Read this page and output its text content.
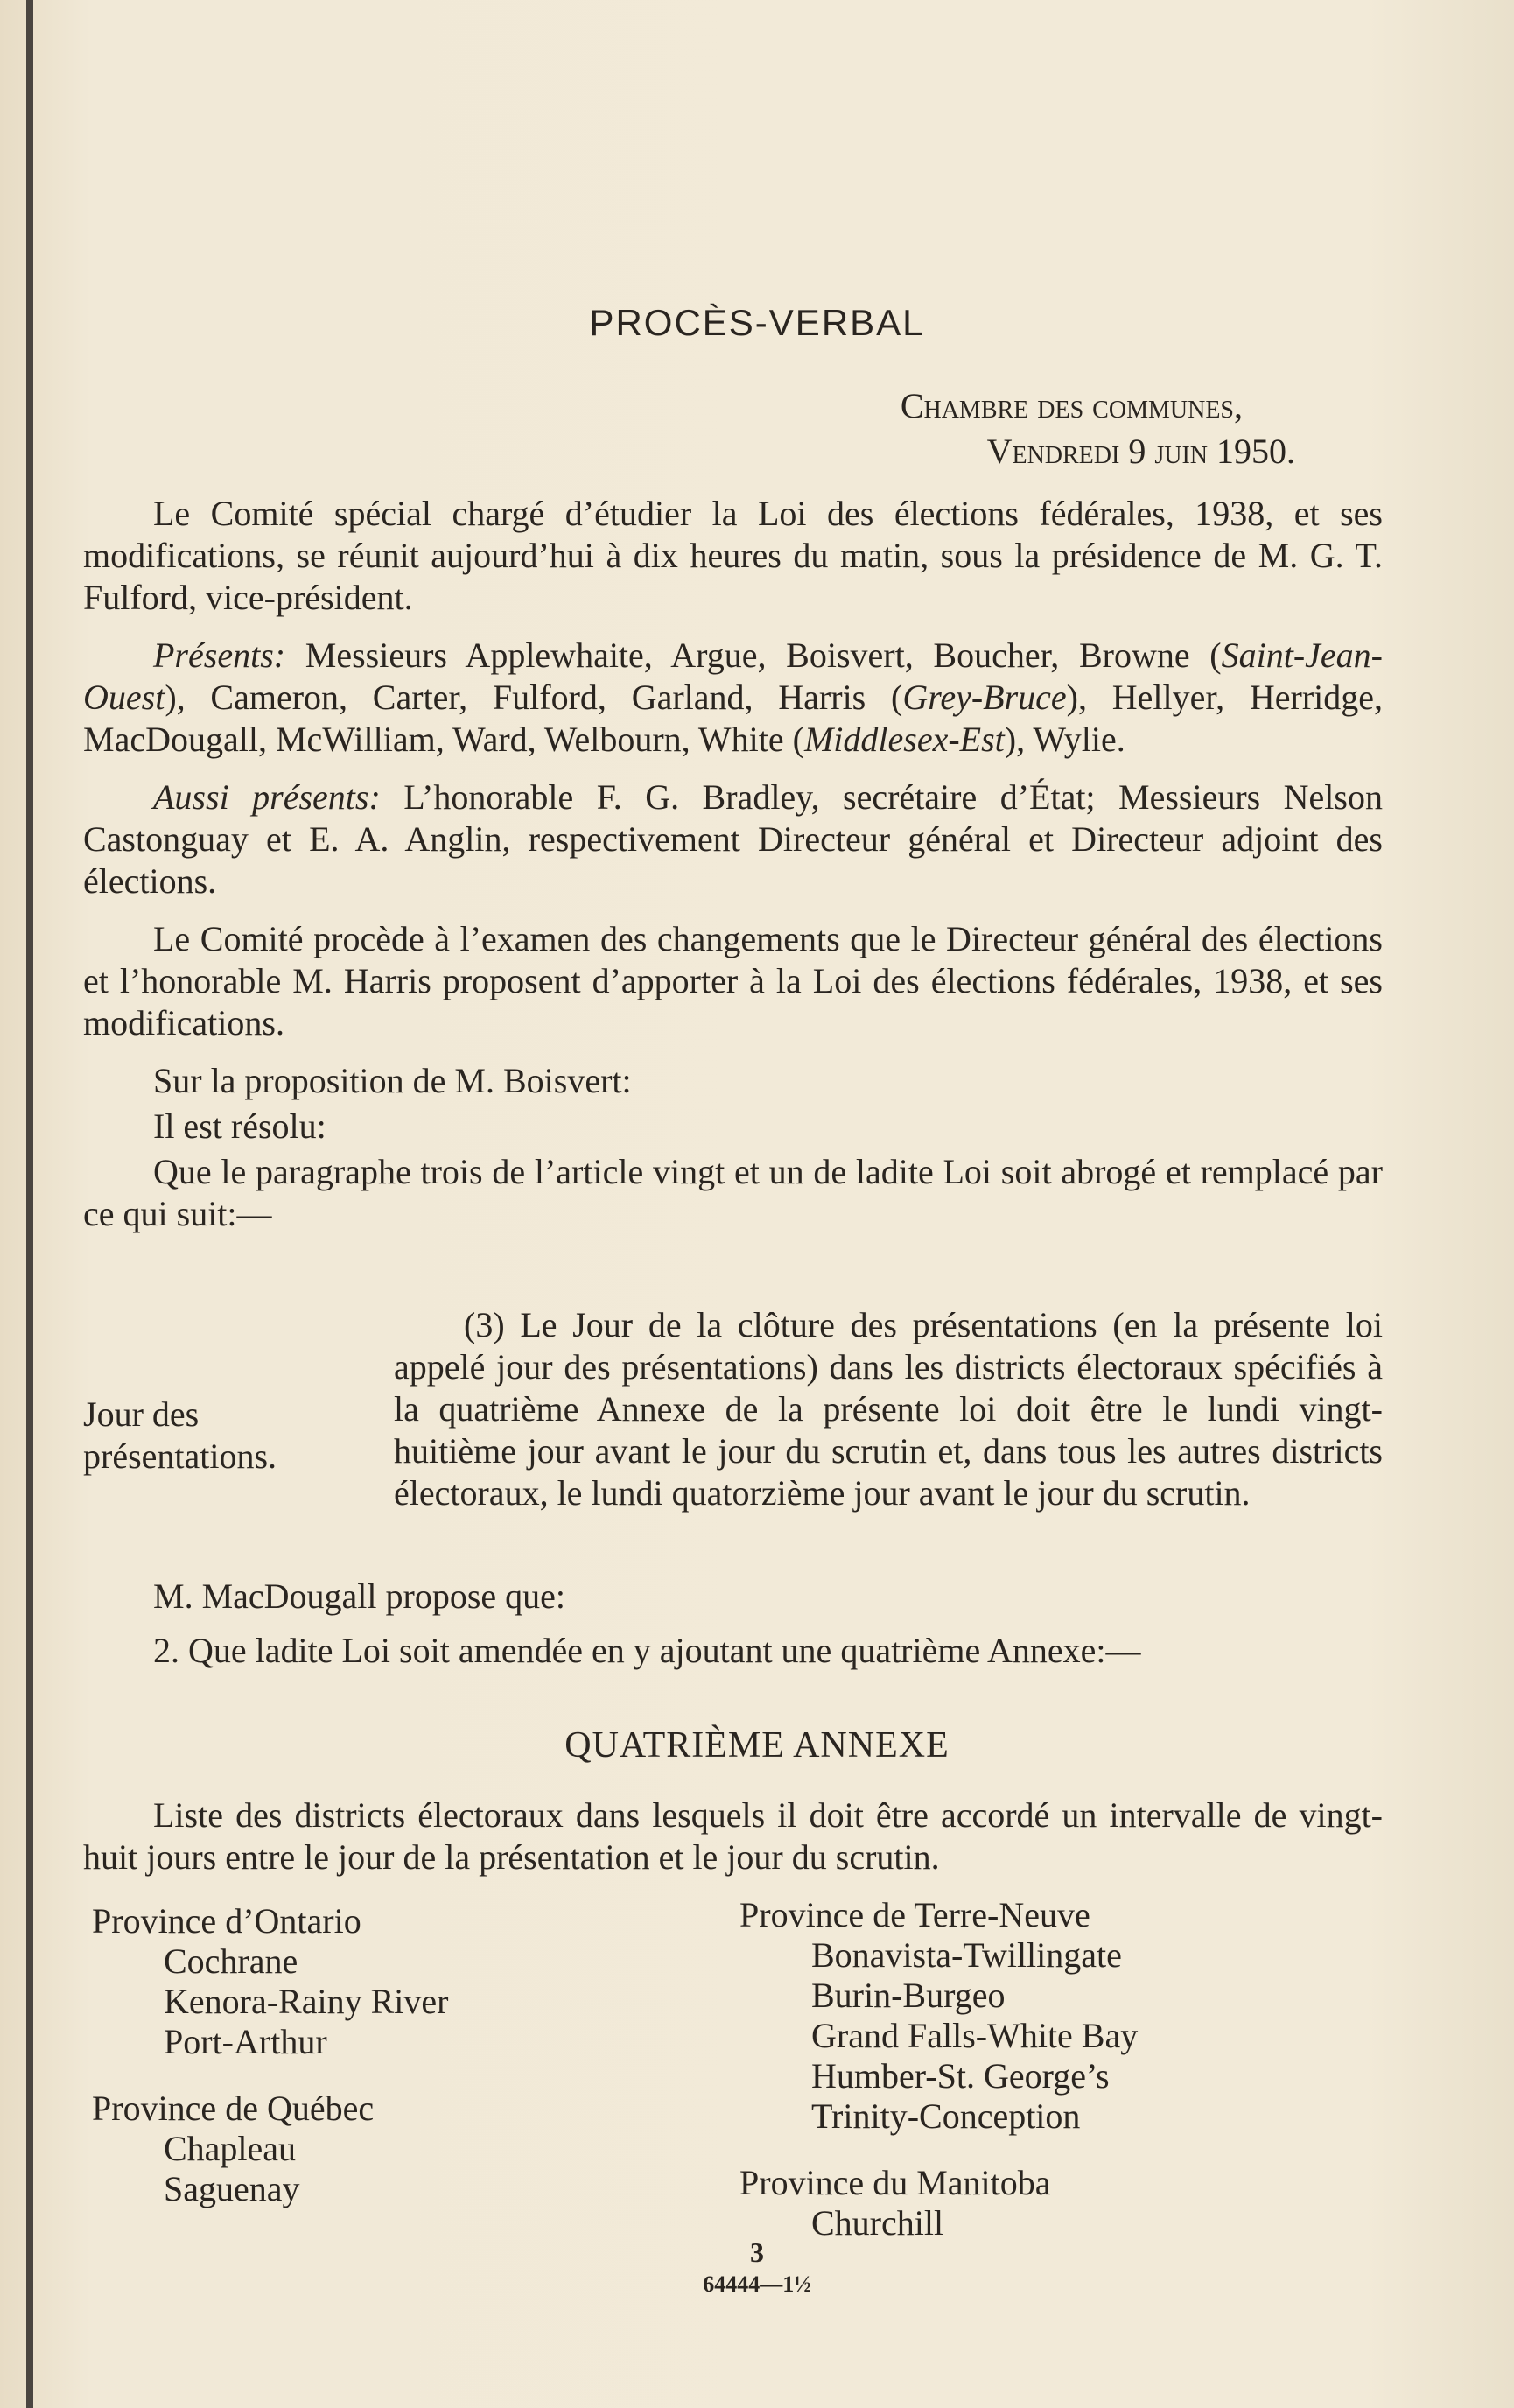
PROCÈS-VERBAL
Chambre des communes,
Vendredi 9 juin 1950.

Le Comité spécial chargé d’étudier la Loi des élections fédérales, 1938, et ses modifications, se réunit aujourd’hui à dix heures du matin, sous la présidence de M. G. T. Fulford, vice-président.

Présents: Messieurs Applewhaite, Argue, Boisvert, Boucher, Browne (Saint-Jean-Ouest), Cameron, Carter, Fulford, Garland, Harris (Grey-Bruce), Hellyer, Herridge, MacDougall, McWilliam, Ward, Welbourn, White (Middlesex-Est), Wylie.

Aussi présents: L’honorable F. G. Bradley, secrétaire d’État; Messieurs Nelson Castonguay et E. A. Anglin, respectivement Directeur général et Directeur adjoint des élections.

Le Comité procède à l’examen des changements que le Directeur général des élections et l’honorable M. Harris proposent d’apporter à la Loi des élections fédérales, 1938, et ses modifications.

Sur la proposition de M. Boisvert:

Il est résolu:

Que le paragraphe trois de l’article vingt et un de ladite Loi soit abrogé et remplacé par ce qui suit:—

Jour des
présentations.

(3) Le Jour de la clôture des présentations (en la présente loi appelé jour des présentations) dans les districts électoraux spécifiés à la quatrième Annexe de la présente loi doit être le lundi vingt-huitième jour avant le jour du scrutin et, dans tous les autres districts électoraux, le lundi quatorzième jour avant le jour du scrutin.

M. MacDougall propose que:

2. Que ladite Loi soit amendée en y ajoutant une quatrième Annexe:—

QUATRIÈME ANNEXE

Liste des districts électoraux dans lesquels il doit être accordé un intervalle de vingt-huit jours entre le jour de la présentation et le jour du scrutin.

Province d’Ontario

Cochrane

Kenora-Rainy River

Port-Arthur

Province de Québec

Chapleau

Saguenay

Province de Terre-Neuve

Bonavista-Twillingate

Burin-Burgeo

Grand Falls-White Bay

Humber-St. George’s

Trinity-Conception

Province du Manitoba

Churchill

3
64444—1½
